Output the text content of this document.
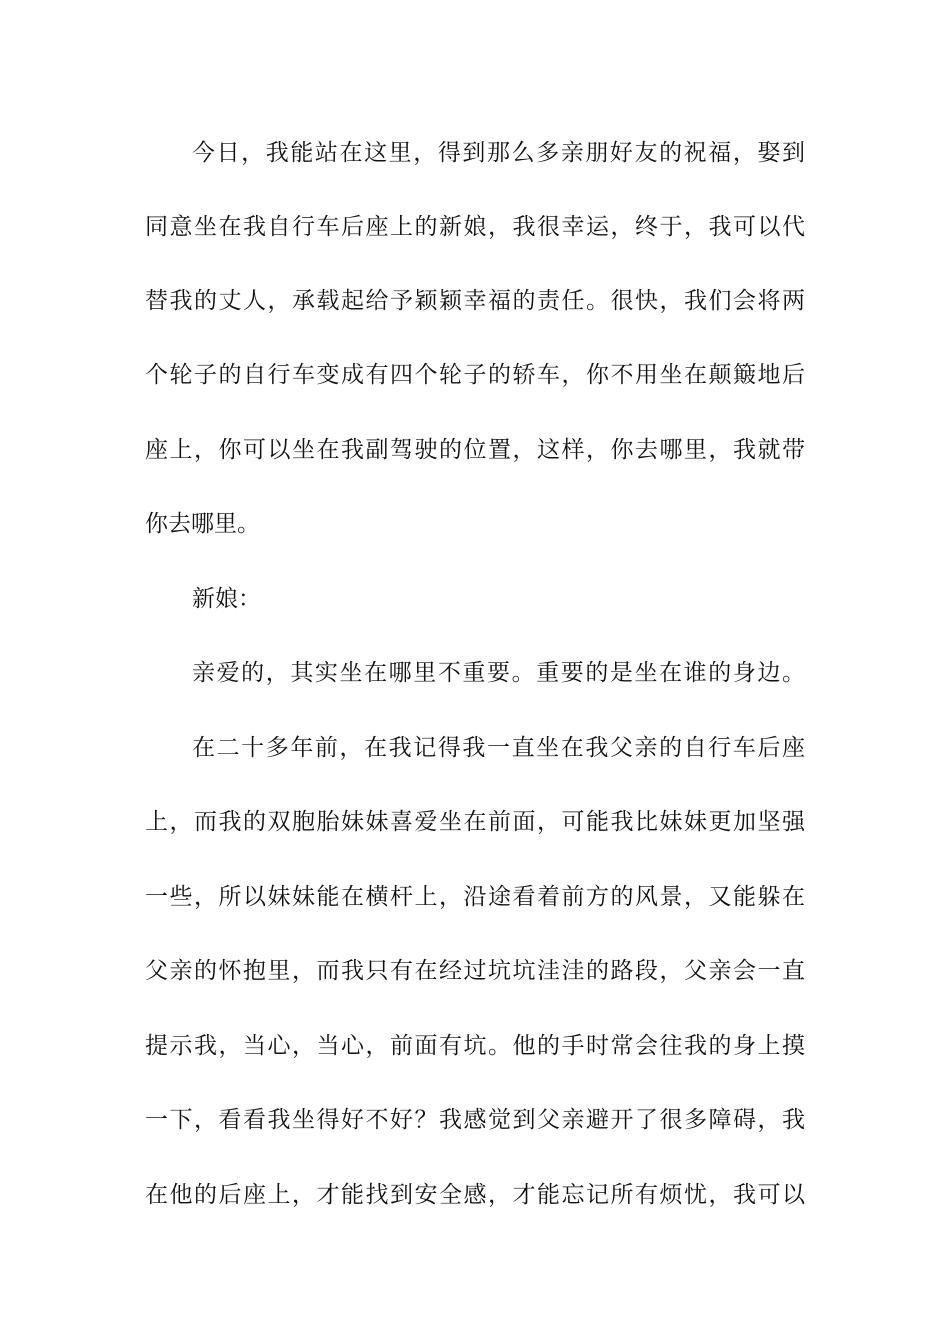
今日，我能站在这里，得到那么多亲朋好友的祝福，娶到
同意坐在我自行车后座上的新娘，我很幸运，终于，我可以代
替我的丈人，承载起给予颖颖幸福的责任。很快，我们会将两
个轮子的自行车变成有四个轮子的轿车，你不用坐在颠簸地后
座上，你可以坐在我副驾驶的位置，这样，你去哪里，我就带
你去哪里。
新娘：
亲爱的，其实坐在哪里不重要。重要的是坐在谁的身边。
在二十多年前，在我记得我一直坐在我父亲的自行车后座
上，而我的双胞胎妹妹喜爱坐在前面，可能我比妹妹更加坚强
一些，所以妹妹能在横杆上，沿途看着前方的风景，又能躲在
父亲的怀抱里，而我只有在经过坑坑洼洼的路段，父亲会一直
提示我，当心，当心，前面有坑。他的手时常会往我的身上摸
一下，看看我坐得好不好？我感觉到父亲避开了很多障碍，我
在他的后座上，才能找到安全感，才能忘记所有烦忧，我可以
